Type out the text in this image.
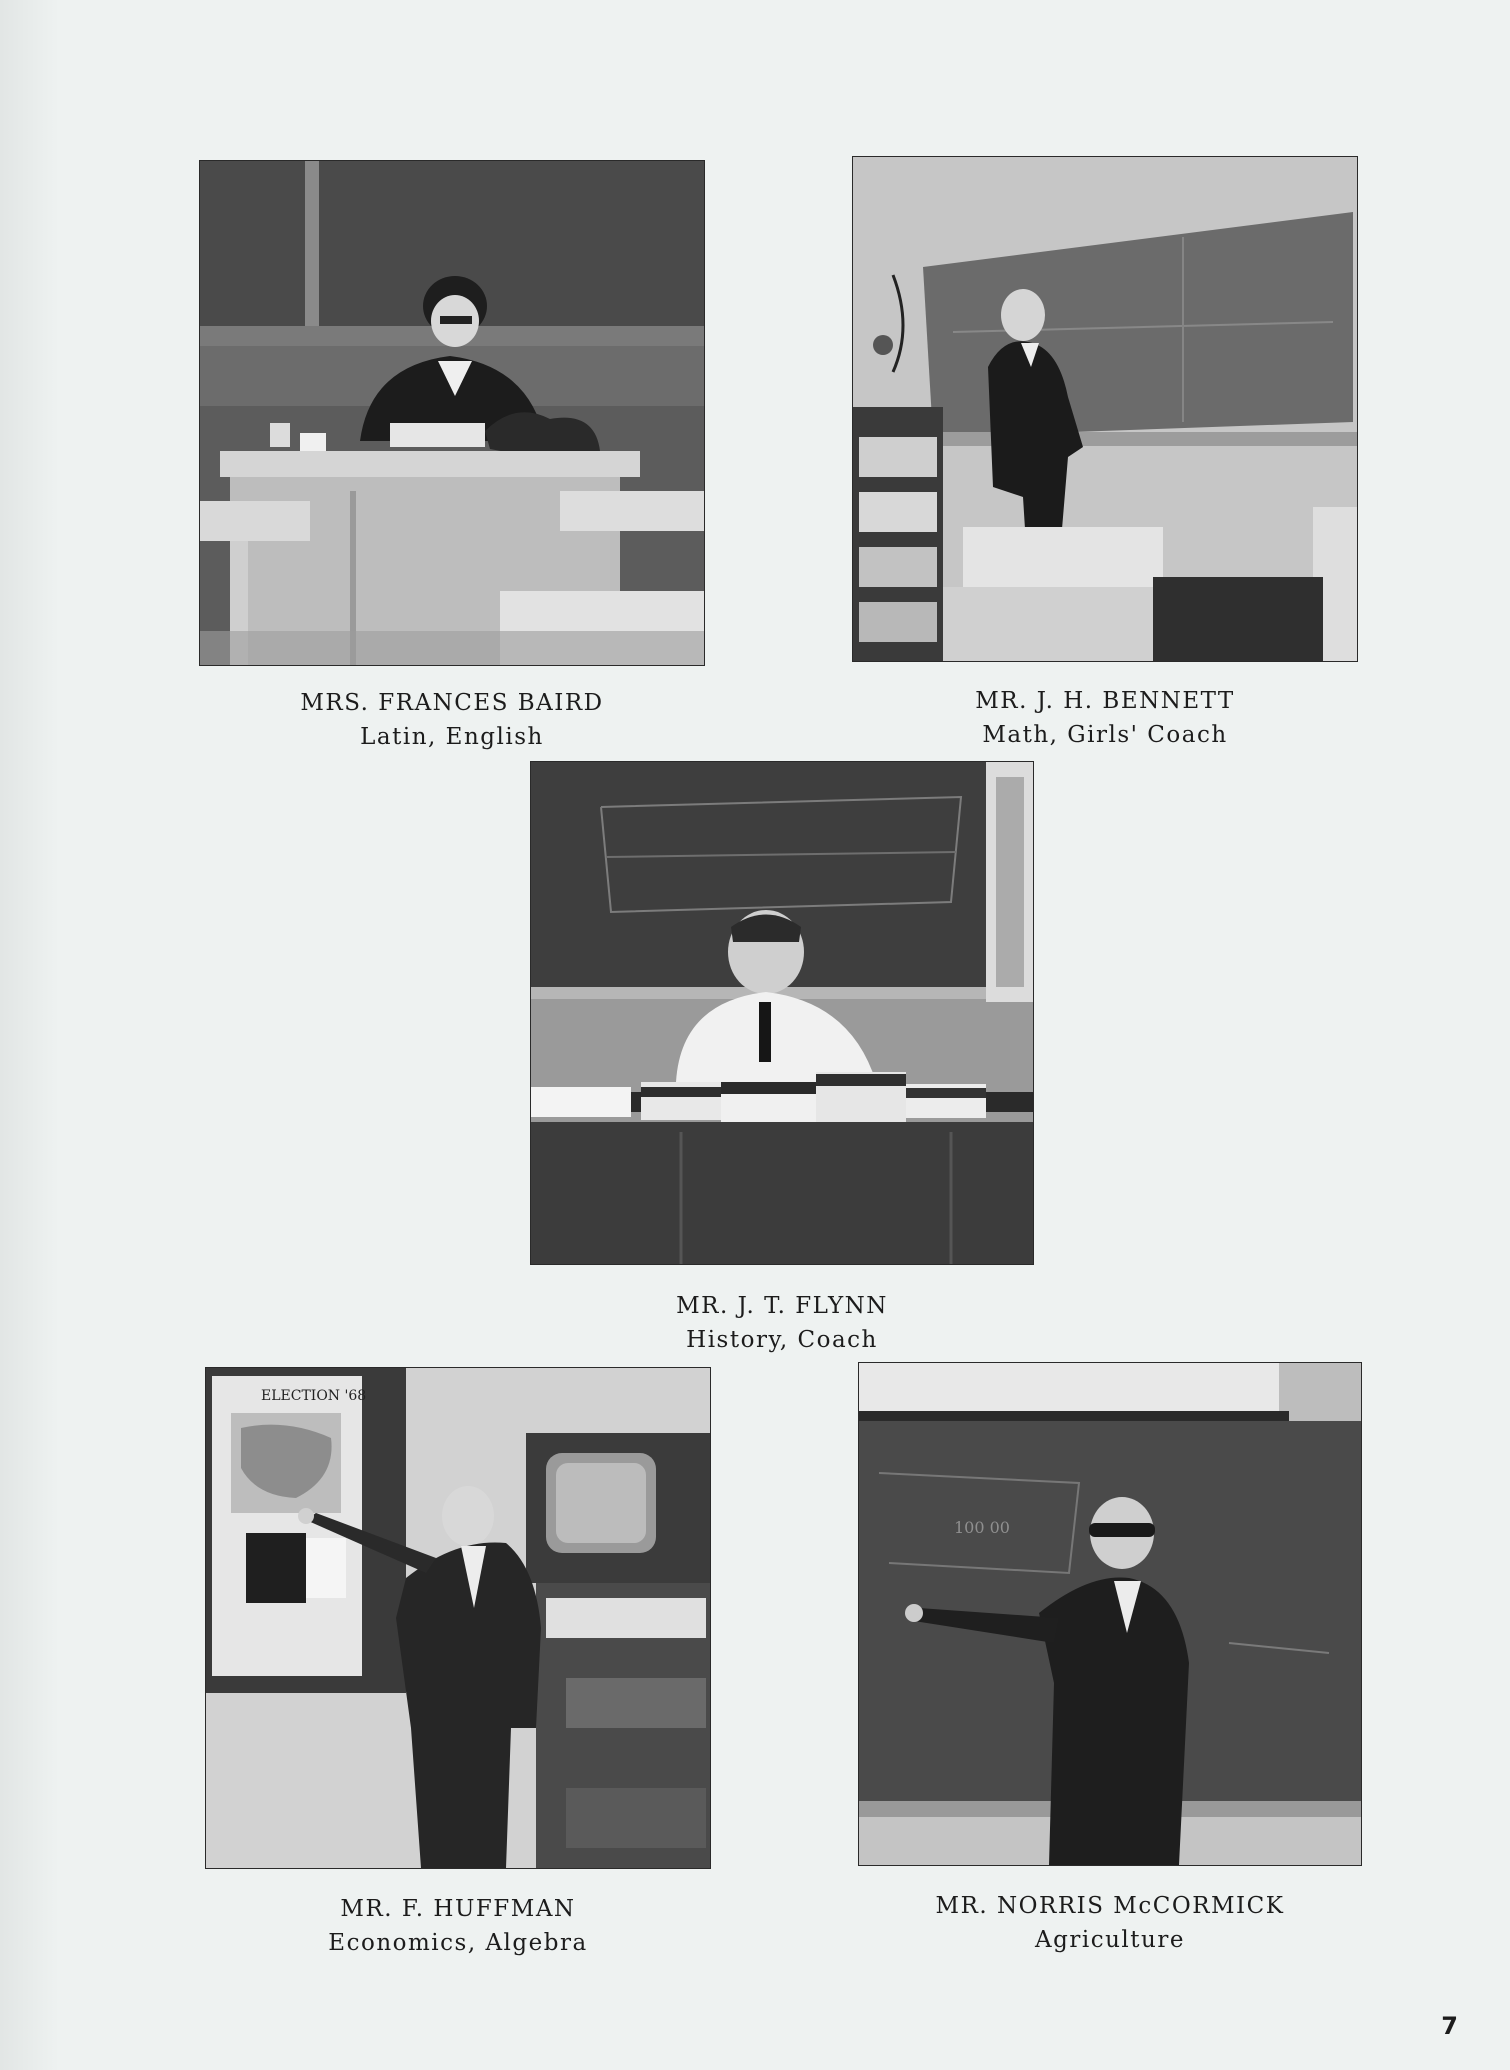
MRS. FRANCES BAIRD
Latin, English
MR. J. H. BENNETT
Math, Girls' Coach
MR. J. T. FLYNN
History, Coach
ELECTION '68
MR. F. HUFFMAN
Economics, Algebra
100 00
MR. NORRIS McCORMICK
Agriculture
7
